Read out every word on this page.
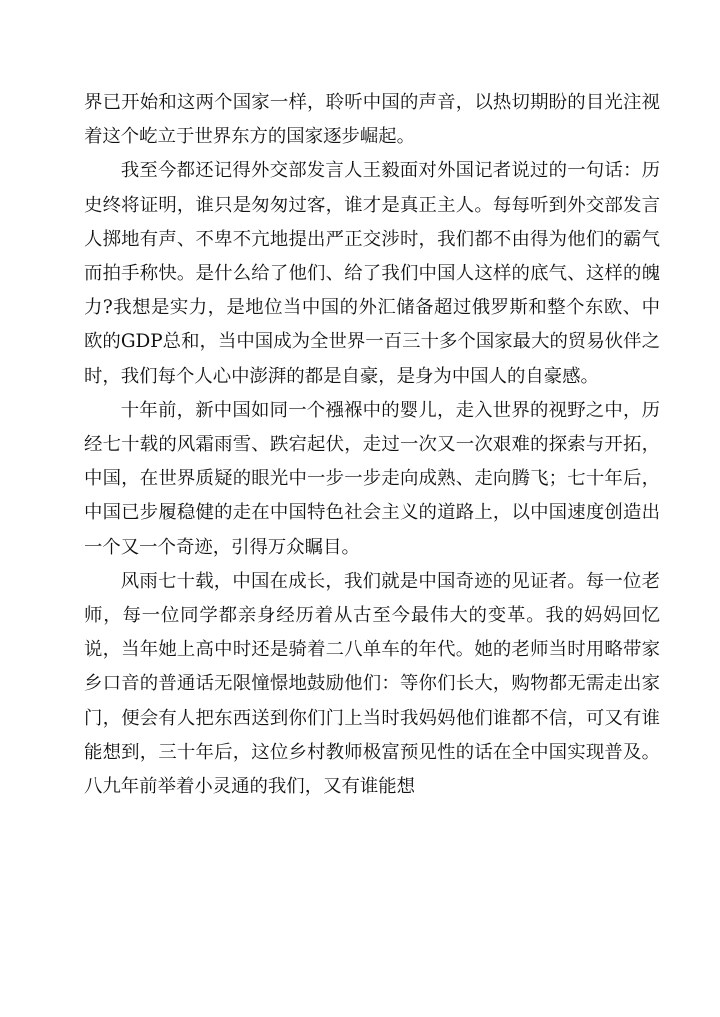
界已开始和这两个国家一样，聆听中国的声音，以热切期盼的目光注视着这个屹立于世界东方的国家逐步崛起。

我至今都还记得外交部发言人王毅面对外国记者说过的一句话：历史终将证明，谁只是匆匆过客，谁才是真正主人。每每听到外交部发言人掷地有声、不卑不亢地提出严正交涉时，我们都不由得为他们的霸气而拍手称快。是什么给了他们、给了我们中国人这样的底气、这样的魄力?我想是实力，是地位当中国的外汇储备超过俄罗斯和整个东欧、中欧的GDP总和，当中国成为全世界一百三十多个国家最大的贸易伙伴之时，我们每个人心中澎湃的都是自豪，是身为中国人的自豪感。

十年前，新中国如同一个襁褓中的婴儿，走入世界的视野之中，历经七十载的风霜雨雪、跌宕起伏，走过一次又一次艰难的探索与开拓，中国，在世界质疑的眼光中一步一步走向成熟、走向腾飞；七十年后，中国已步履稳健的走在中国特色社会主义的道路上，以中国速度创造出一个又一个奇迹，引得万众瞩目。

风雨七十载，中国在成长，我们就是中国奇迹的见证者。每一位老师，每一位同学都亲身经历着从古至今最伟大的变革。我的妈妈回忆说，当年她上高中时还是骑着二八单车的年代。她的老师当时用略带家乡口音的普通话无限憧憬地鼓励他们：等你们长大，购物都无需走出家门，便会有人把东西送到你们门上当时我妈妈他们谁都不信，可又有谁能想到，三十年后，这位乡村教师极富预见性的话在全中国实现普及。八九年前举着小灵通的我们，又有谁能想
